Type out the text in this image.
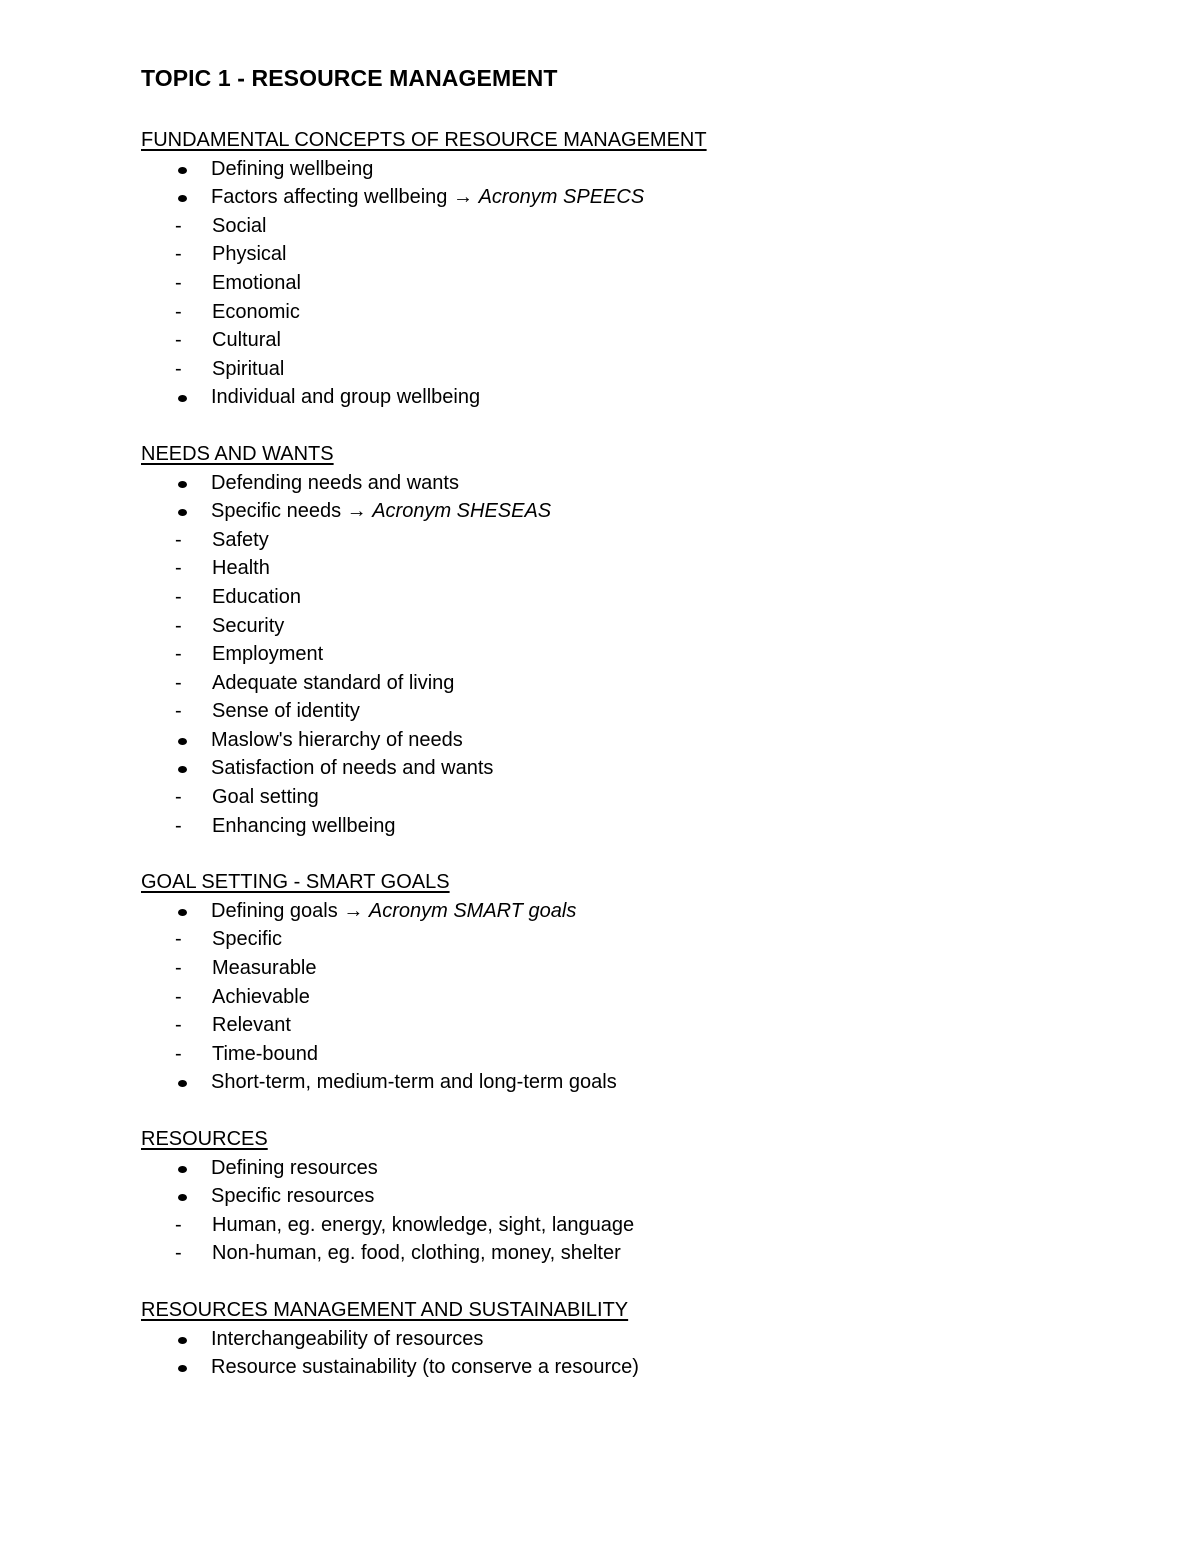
TOPIC 1 - RESOURCE MANAGEMENT
FUNDAMENTAL CONCEPTS OF RESOURCE MANAGEMENT
Defining wellbeing
Factors affecting wellbeing → Acronym SPEECS
- Social
- Physical
- Emotional
- Economic
- Cultural
- Spiritual
Individual and group wellbeing
NEEDS AND WANTS
Defending needs and wants
Specific needs → Acronym SHESEAS
- Safety
- Health
- Education
- Security
- Employment
- Adequate standard of living
- Sense of identity
Maslow's hierarchy of needs
Satisfaction of needs and wants
- Goal setting
- Enhancing wellbeing
GOAL SETTING - SMART GOALS
Defining goals → Acronym SMART goals
- Specific
- Measurable
- Achievable
- Relevant
- Time-bound
Short-term, medium-term and long-term goals
RESOURCES
Defining resources
Specific resources
- Human, eg. energy, knowledge, sight, language
- Non-human, eg. food, clothing, money, shelter
RESOURCES MANAGEMENT AND SUSTAINABILITY
Interchangeability of resources
Resource sustainability (to conserve a resource)
